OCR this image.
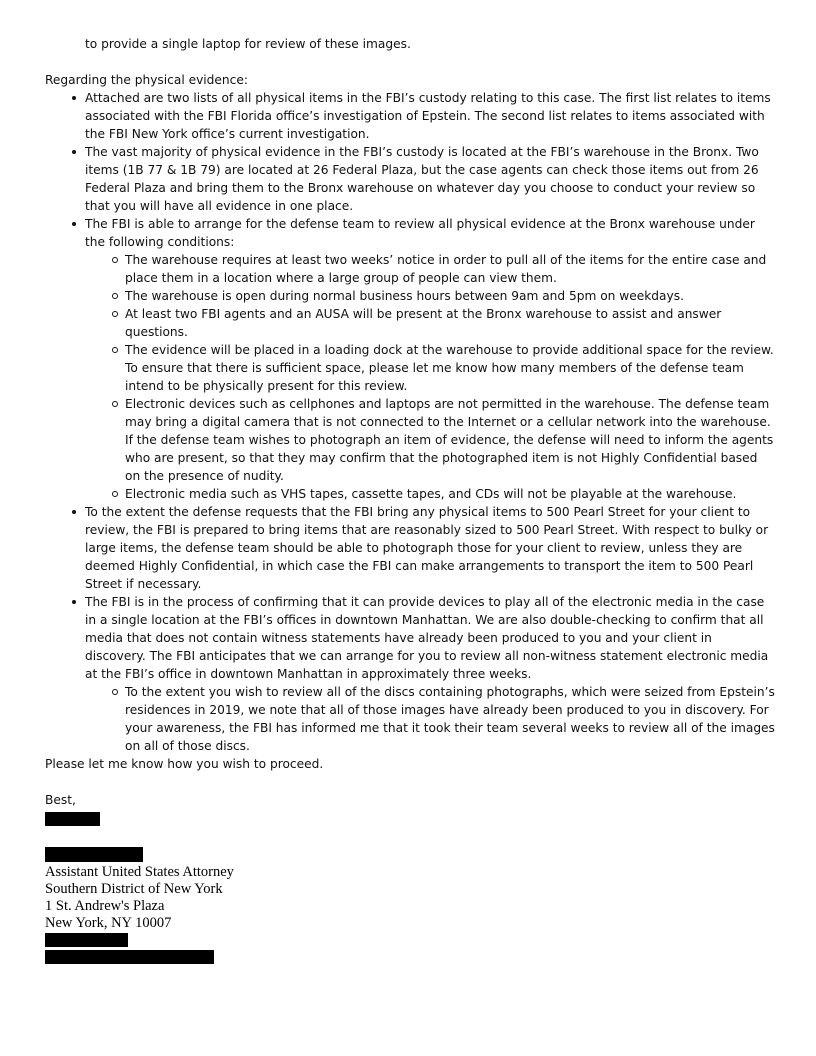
to provide a single laptop for review of these images.

Regarding the physical evidence:

Attached are two lists of all physical items in the FBI’s custody relating to this case. The first list relates to items associated with the FBI Florida office’s investigation of Epstein. The second list relates to items associated with the FBI New York office’s current investigation.
The vast majority of physical evidence in the FBI’s custody is located at the FBI’s warehouse in the Bronx. Two items (1B 77 & 1B 79) are located at 26 Federal Plaza, but the case agents can check those items out from 26 Federal Plaza and bring them to the Bronx warehouse on whatever day you choose to conduct your review so that you will have all evidence in one place.
The FBI is able to arrange for the defense team to review all physical evidence at the Bronx warehouse under the following conditions:
The warehouse requires at least two weeks’ notice in order to pull all of the items for the entire case and place them in a location where a large group of people can view them.
The warehouse is open during normal business hours between 9am and 5pm on weekdays.
At least two FBI agents and an AUSA will be present at the Bronx warehouse to assist and answer questions.
The evidence will be placed in a loading dock at the warehouse to provide additional space for the review. To ensure that there is sufficient space, please let me know how many members of the defense team intend to be physically present for this review.
Electronic devices such as cellphones and laptops are not permitted in the warehouse. The defense team may bring a digital camera that is not connected to the Internet or a cellular network into the warehouse. If the defense team wishes to photograph an item of evidence, the defense will need to inform the agents who are present, so that they may confirm that the photographed item is not Highly Confidential based on the presence of nudity.
Electronic media such as VHS tapes, cassette tapes, and CDs will not be playable at the warehouse.
To the extent the defense requests that the FBI bring any physical items to 500 Pearl Street for your client to review, the FBI is prepared to bring items that are reasonably sized to 500 Pearl Street. With respect to bulky or large items, the defense team should be able to photograph those for your client to review, unless they are deemed Highly Confidential, in which case the FBI can make arrangements to transport the item to 500 Pearl Street if necessary.
The FBI is in the process of confirming that it can provide devices to play all of the electronic media in the case in a single location at the FBI’s offices in downtown Manhattan. We are also double-checking to confirm that all media that does not contain witness statements have already been produced to you and your client in discovery. The FBI anticipates that we can arrange for you to review all non-witness statement electronic media at the FBI’s office in downtown Manhattan in approximately three weeks.
To the extent you wish to review all of the discs containing photographs, which were seized from Epstein’s residences in 2019, we note that all of those images have already been produced to you in discovery. For your awareness, the FBI has informed me that it took their team several weeks to review all of the images on all of those discs.

Please let me know how you wish to proceed.

Best,

Assistant United States Attorney
Southern District of New York
1 St. Andrew's Plaza
New York, NY 10007
